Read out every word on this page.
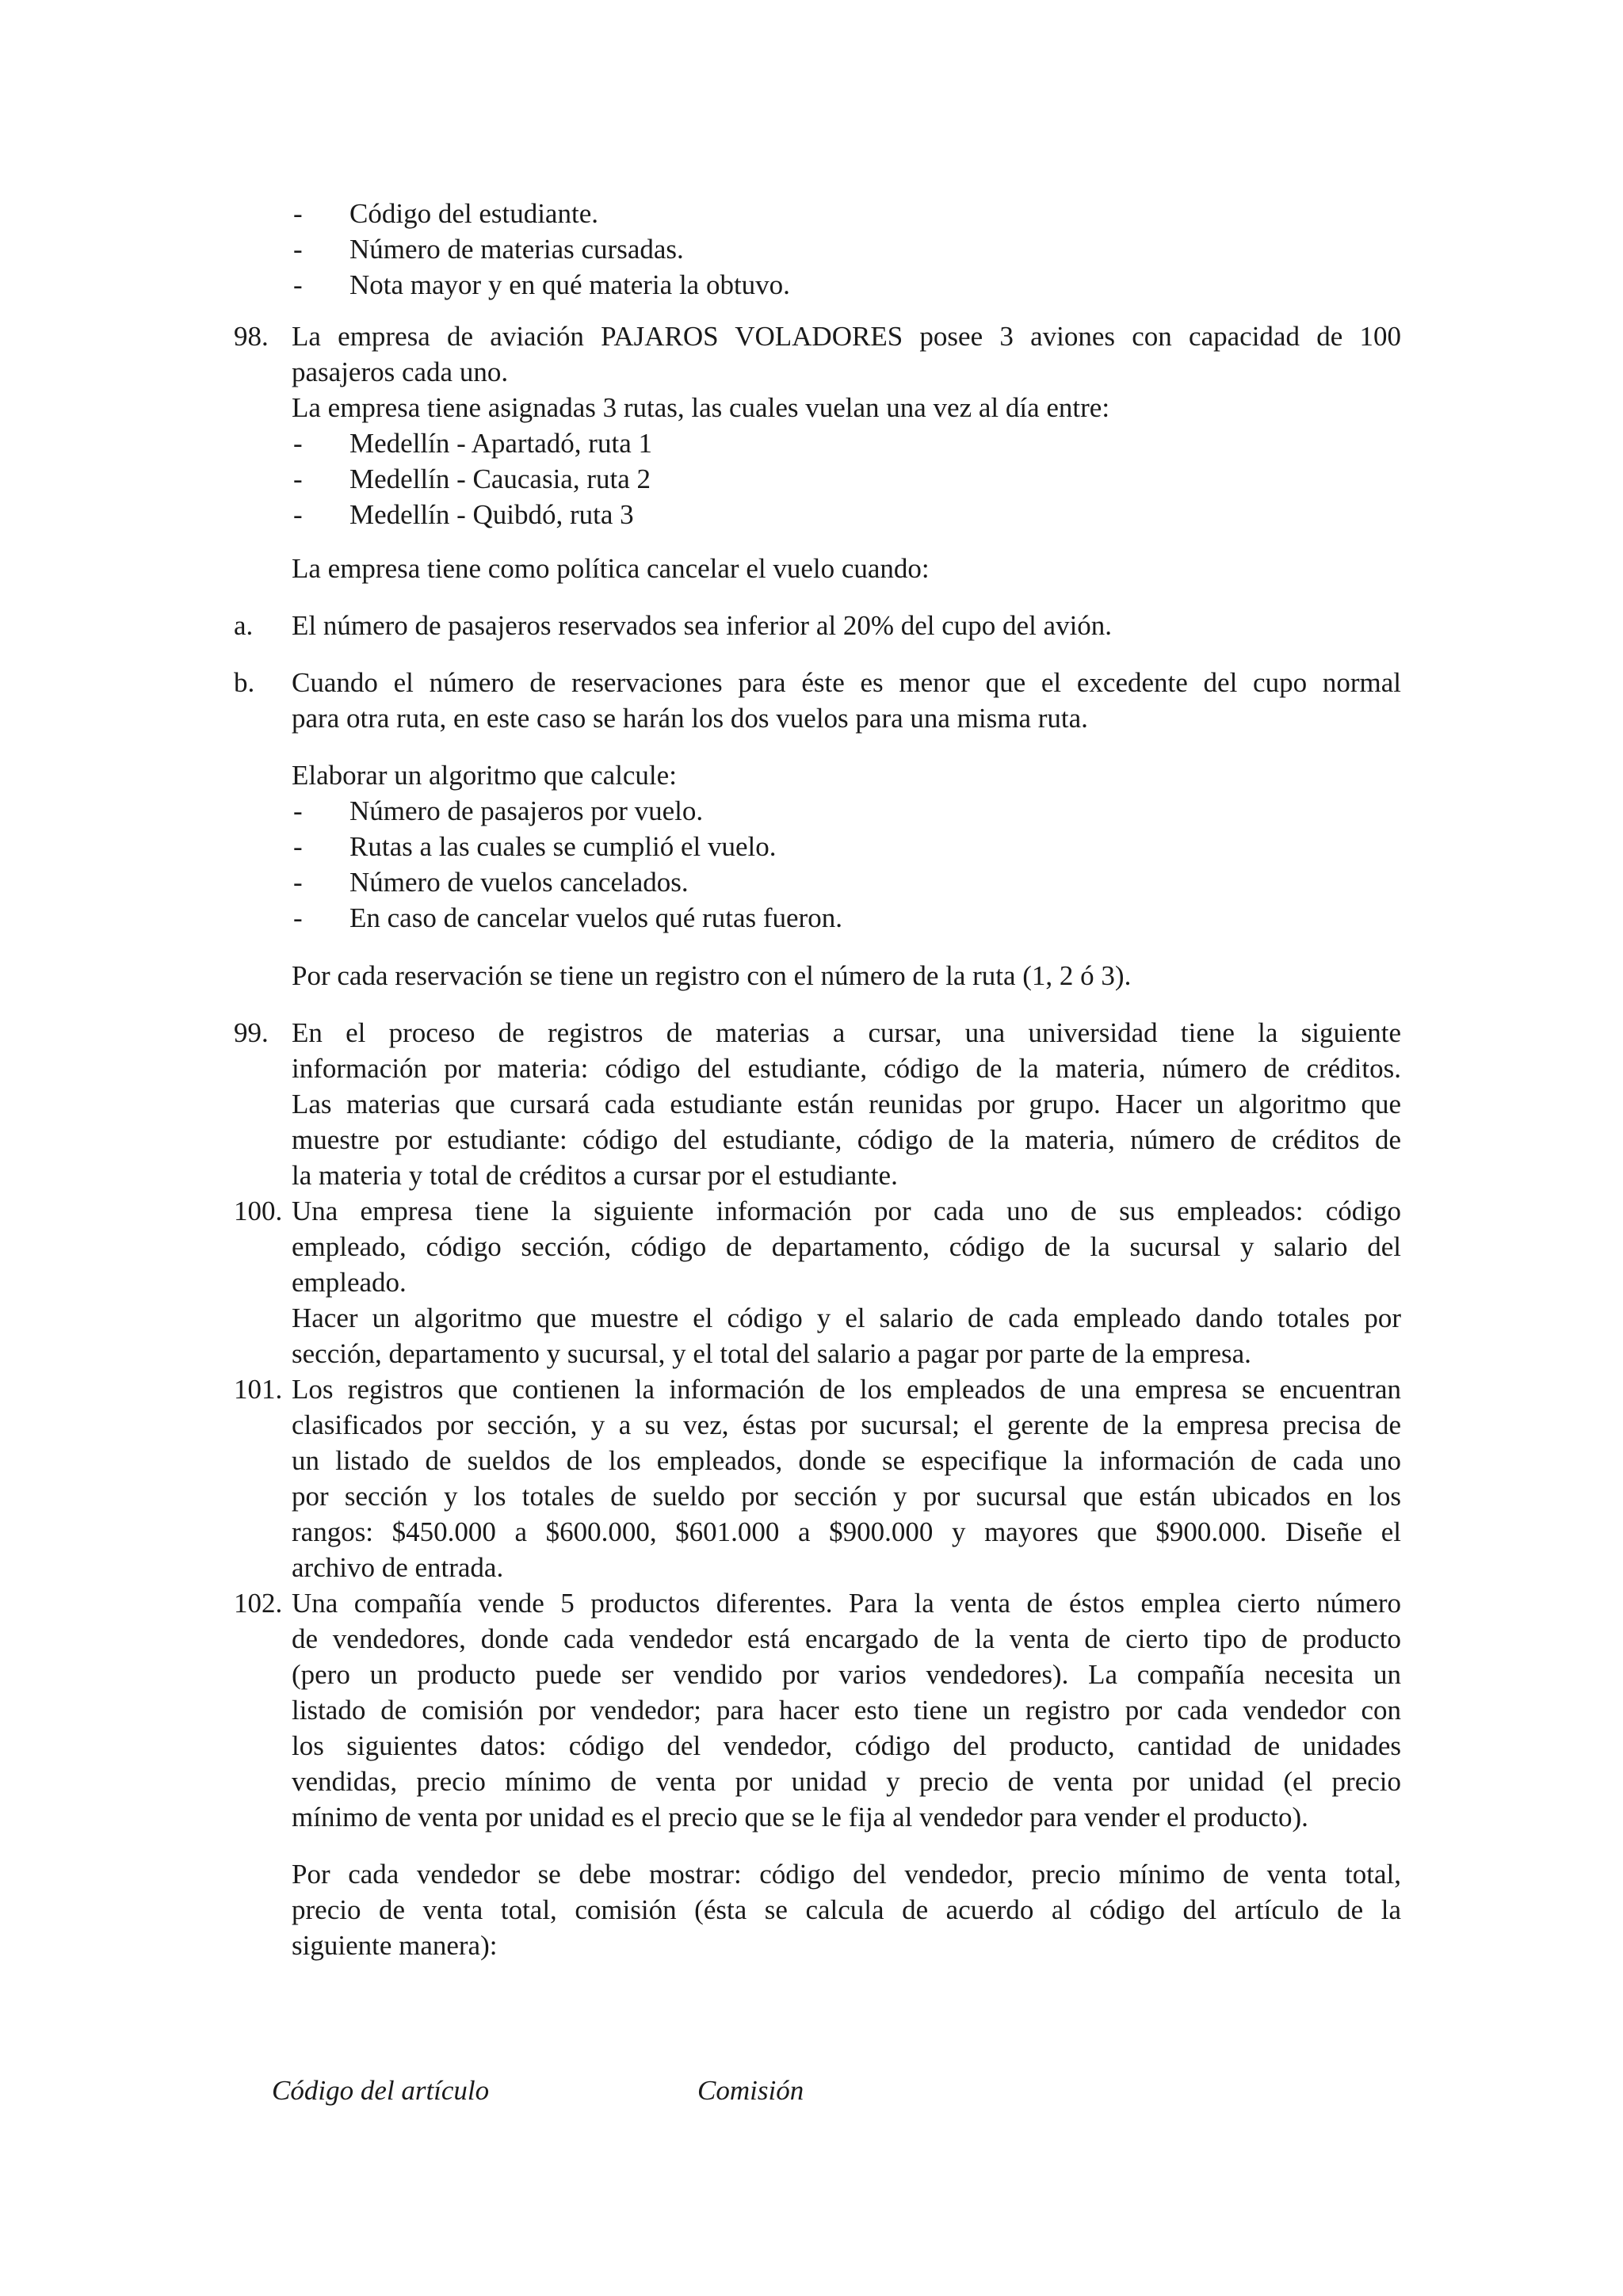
- Código del estudiante.
- Número de materias cursadas.
- Nota mayor y en qué materia la obtuvo.
98. La empresa de aviación PAJAROS VOLADORES posee 3 aviones con capacidad de 100

pasajeros cada uno.
La empresa tiene asignadas 3 rutas, las cuales vuelan una vez al día entre:
- Medellín - Apartadó, ruta 1
- Medellín - Caucasia, ruta 2
- Medellín - Quibdó, ruta 3
La empresa tiene como política cancelar el vuelo cuando:
a. El número de pasajeros reservados sea inferior al 20% del cupo del avión.
b. Cuando el número de reservaciones para éste es menor que el excedente del cupo normal

para otra ruta, en este caso se harán los dos vuelos para una misma ruta.
Elaborar un algoritmo que calcule:
- Número de pasajeros por vuelo.
- Rutas a las cuales se cumplió el vuelo.
- Número de vuelos cancelados.
- En caso de cancelar vuelos qué rutas fueron.
Por cada reservación se tiene un registro con el número de la ruta (1, 2 ó 3).
99. En el proceso de registros de materias a cursar, una universidad tiene la siguiente

información por materia: código del estudiante, código de la materia, número de créditos.

Las materias que cursará cada estudiante están reunidas por grupo. Hacer un algoritmo que

muestre por estudiante: código del estudiante, código de la materia, número de créditos de

la materia y total de créditos a cursar por el estudiante.
100. Una empresa tiene la siguiente información por cada uno de sus empleados: código

empleado, código sección, código de departamento, código de la sucursal y salario del

empleado.

Hacer un algoritmo que muestre el código y el salario de cada empleado dando totales por

sección, departamento y sucursal, y el total del salario a pagar por parte de la empresa.
101. Los registros que contienen la información de los empleados de una empresa se encuentran

clasificados por sección, y a su vez, éstas por sucursal; el gerente de la empresa precisa de

un listado de sueldos de los empleados, donde se especifique la información de cada uno

por sección y los totales de sueldo por sección y por sucursal que están ubicados en los

rangos: $450.000 a $600.000, $601.000 a $900.000 y mayores que $900.000. Diseñe el

archivo de entrada.
102. Una compañía vende 5 productos diferentes. Para la venta de éstos emplea cierto número

de vendedores, donde cada vendedor está encargado de la venta de cierto tipo de producto

(pero un producto puede ser vendido por varios vendedores). La compañía necesita un

listado de comisión por vendedor; para hacer esto tiene un registro por cada vendedor con

los siguientes datos: código del vendedor, código del producto, cantidad de unidades

vendidas, precio mínimo de venta por unidad y precio de venta por unidad (el precio

mínimo de venta por unidad es el precio que se le fija al vendedor para vender el producto).

Por cada vendedor se debe mostrar: código del vendedor, precio mínimo de venta total,

precio de venta total, comisión (ésta se calcula de acuerdo al código del artículo de la

siguiente manera):
Código del artículo	Comisión
